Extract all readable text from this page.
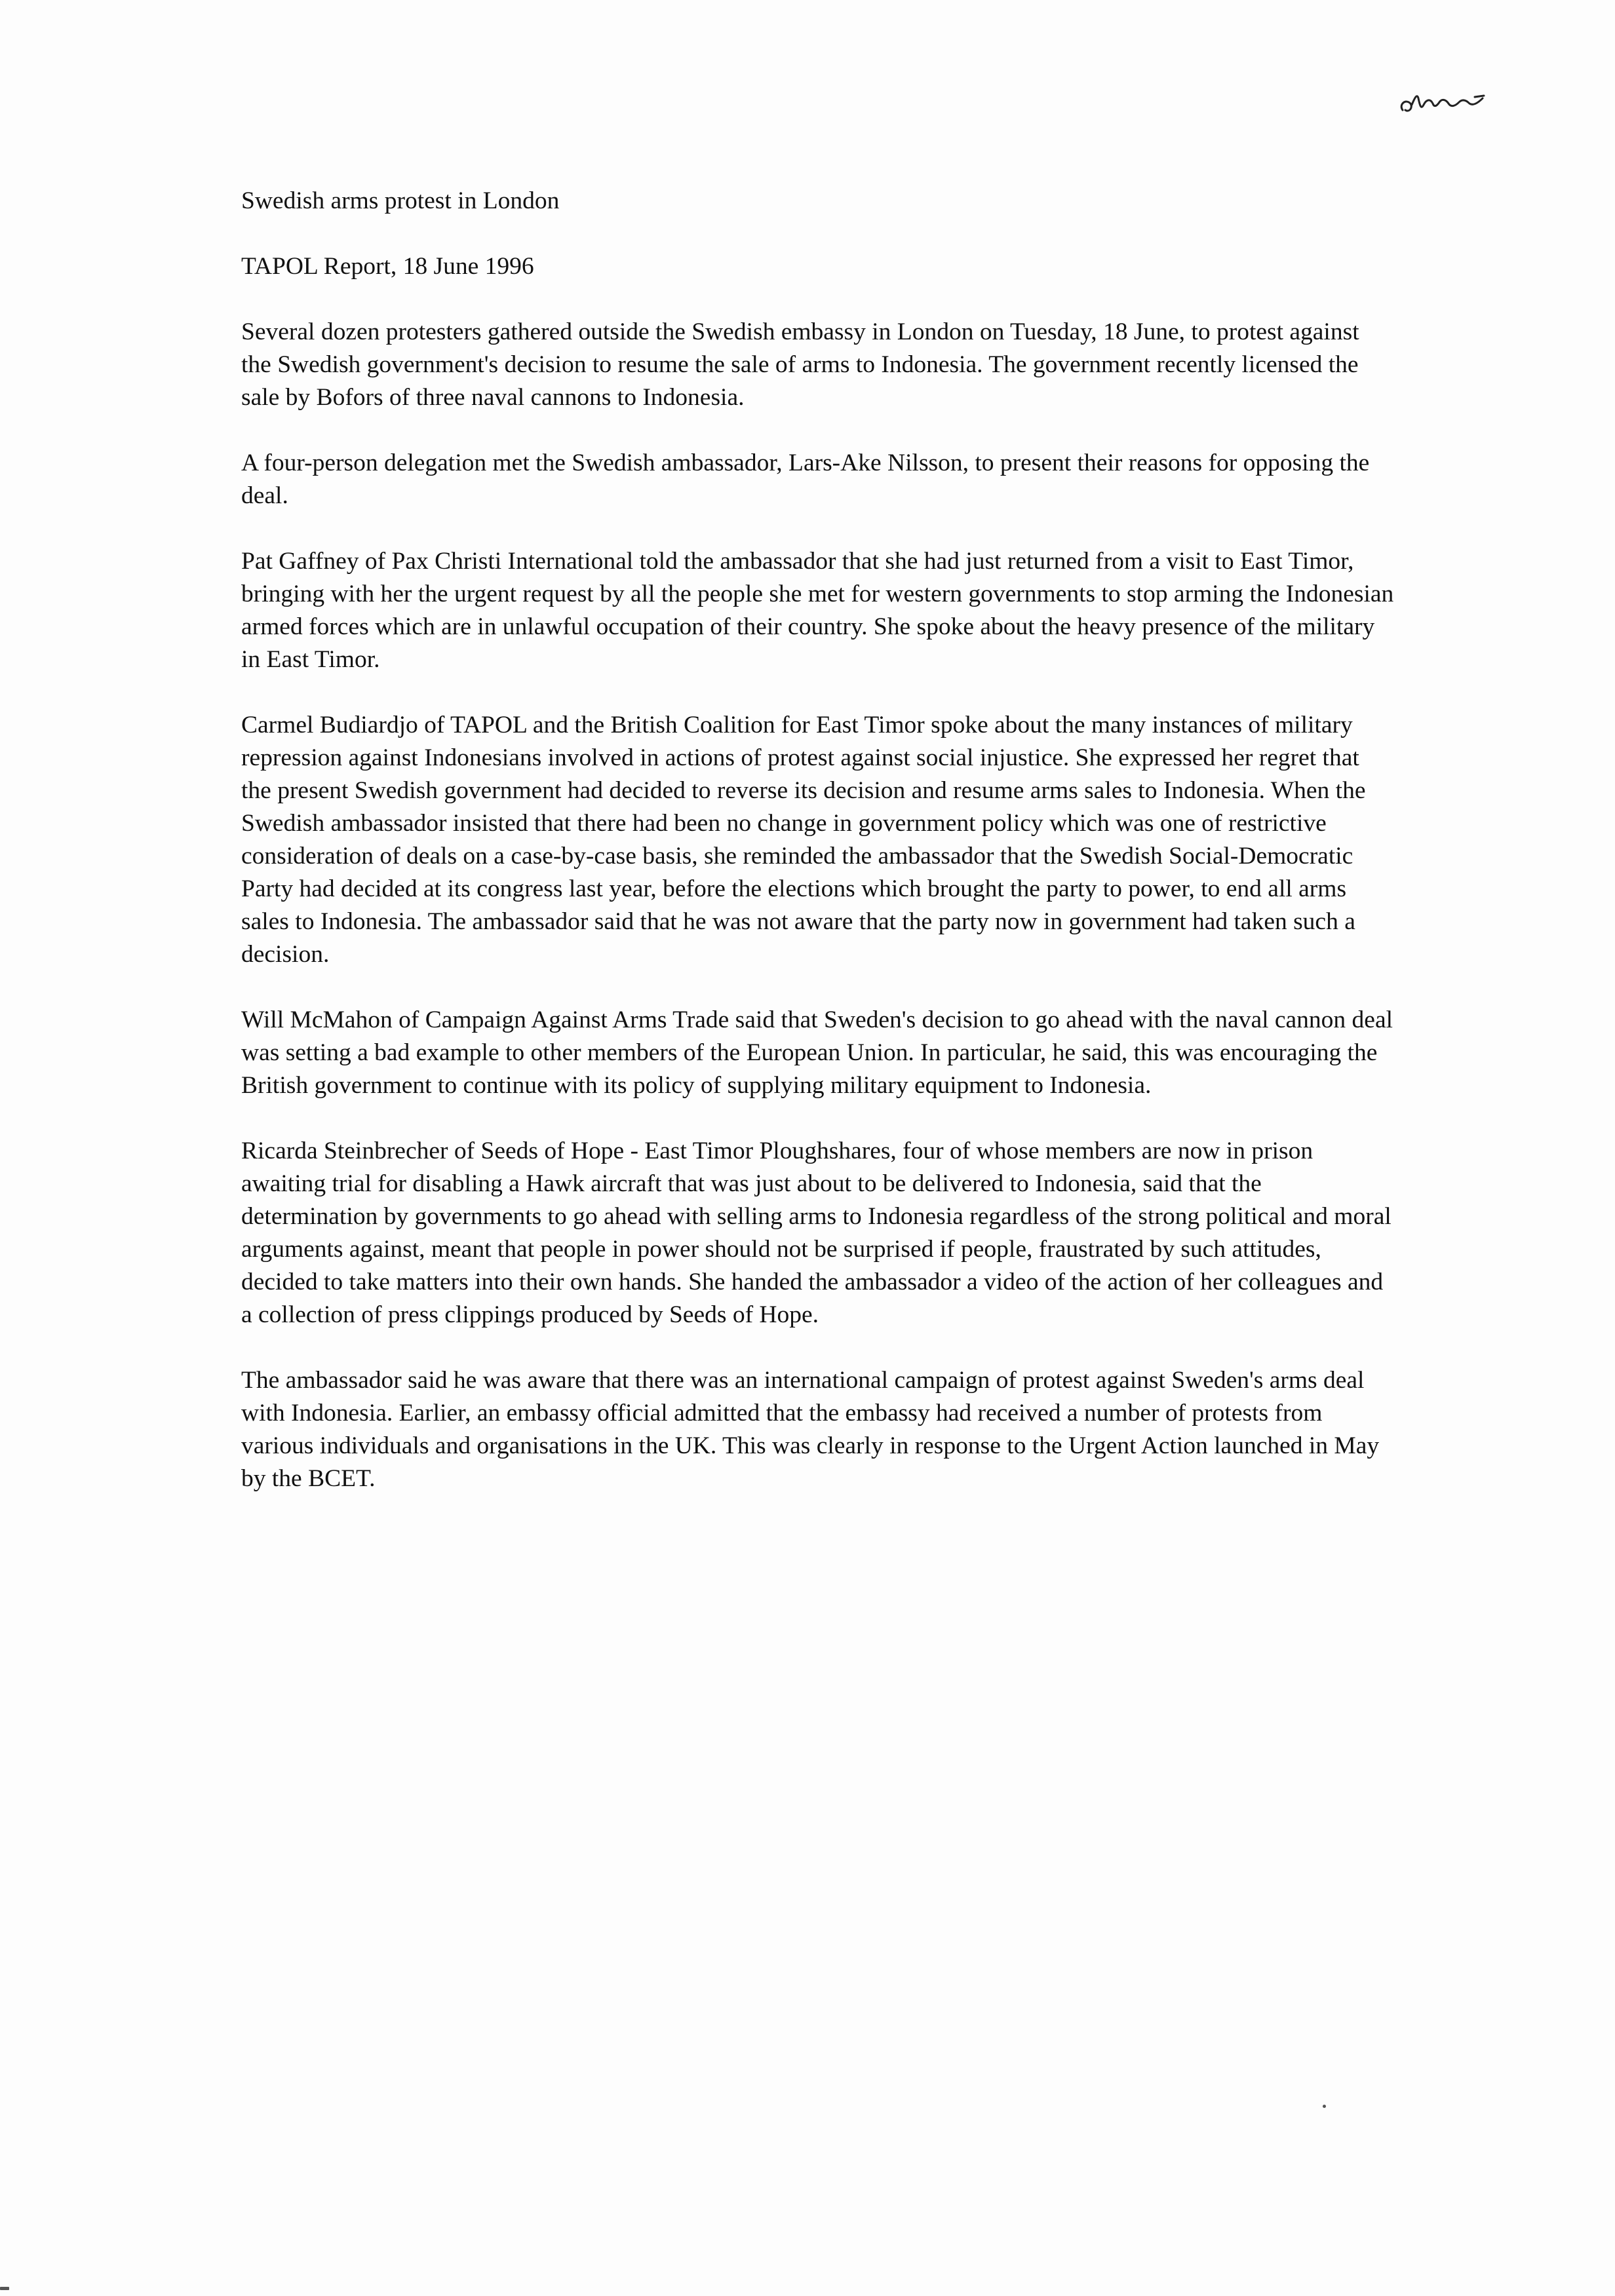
Swedish arms protest in London

TAPOL Report, 18 June 1996

Several dozen protesters gathered outside the Swedish embassy in London on Tuesday, 18 June, to protest against the Swedish government's decision to resume the sale of arms to Indonesia. The government recently licensed the sale by Bofors of three naval cannons to Indonesia.

A four-person delegation met the Swedish ambassador, Lars-Ake Nilsson, to present their reasons for opposing the deal.

Pat Gaffney of Pax Christi International told the ambassador that she had just returned from a visit to East Timor, bringing with her the urgent request by all the people she met for western governments to stop arming the Indonesian armed forces which are in unlawful occupation of their country. She spoke about the heavy presence of the military in East Timor.

Carmel Budiardjo of TAPOL and the British Coalition for East Timor spoke about the many instances of military repression against Indonesians involved in actions of protest against social injustice. She expressed her regret that the present Swedish government had decided to reverse its decision and resume arms sales to Indonesia. When the Swedish ambassador insisted that there had been no change in government policy which was one of restrictive consideration of deals on a case-by-case basis, she reminded the ambassador that the Swedish Social-Democratic Party had decided at its congress last year, before the elections which brought the party to power, to end all arms sales to Indonesia. The ambassador said that he was not aware that the party now in government had taken such a decision.

Will McMahon of Campaign Against Arms Trade said that Sweden's decision to go ahead with the naval cannon deal was setting a bad example to other members of the European Union. In particular, he said, this was encouraging the British government to continue with its policy of supplying military equipment to Indonesia.

Ricarda Steinbrecher of Seeds of Hope - East Timor Ploughshares, four of whose members are now in prison awaiting trial for disabling a Hawk aircraft that was just about to be delivered to Indonesia, said that the determination by governments to go ahead with selling arms to Indonesia regardless of the strong political and moral arguments against, meant that people in power should not be surprised if people, fraustrated by such attitudes, decided to take matters into their own hands. She handed the ambassador a video of the action of her colleagues and a collection of press clippings produced by Seeds of Hope.

The ambassador said he was aware that there was an international campaign of protest against Sweden's arms deal with Indonesia. Earlier, an embassy official admitted that the embassy had received a number of protests from various individuals and organisations in the UK. This was clearly in response to the Urgent Action launched in May by the BCET.
